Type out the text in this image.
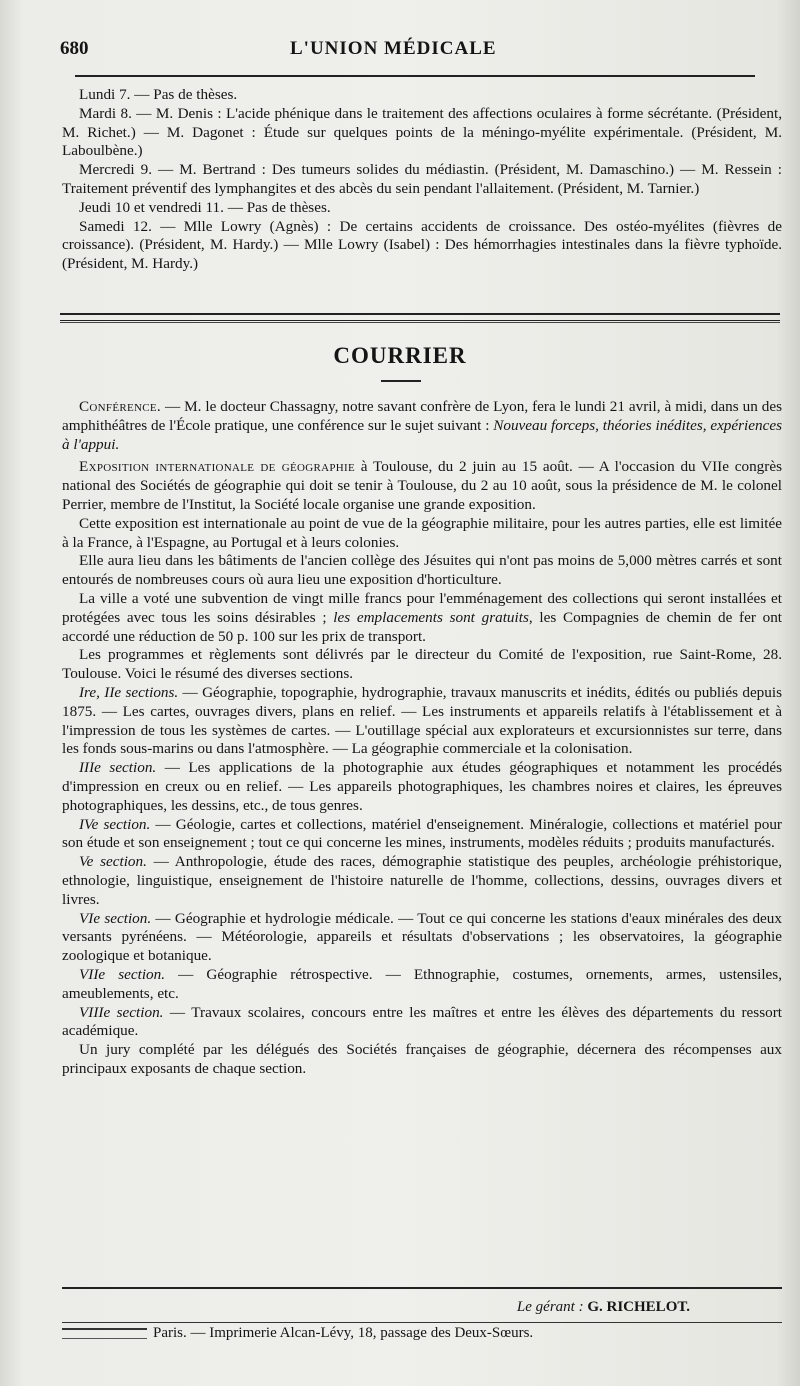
680	L'UNION MÉDICALE

Lundi 7. — Pas de thèses.

Mardi 8. — M. Denis : L'acide phénique dans le traitement des affections oculaires à forme sécrétante. (Président, M. Richet.) — M. Dagonet : Étude sur quelques points de la méningo-myélite expérimentale. (Président, M. Laboulbène.)

Mercredi 9. — M. Bertrand : Des tumeurs solides du médiastin. (Président, M. Damaschino.) — M. Ressein : Traitement préventif des lymphangites et des abcès du sein pendant l'allaitement. (Président, M. Tarnier.)

Jeudi 10 et vendredi 11. — Pas de thèses.

Samedi 12. — Mlle Lowry (Agnès) : De certains accidents de croissance. Des ostéo-myélites (fièvres de croissance). (Président, M. Hardy.) — Mlle Lowry (Isabel) : Des hémorrhagies intestinales dans la fièvre typhoïde. (Président, M. Hardy.)

COURRIER

Conférence. — M. le docteur Chassagny, notre savant confrère de Lyon, fera le lundi 21 avril, à midi, dans un des amphithéâtres de l'École pratique, une conférence sur le sujet suivant : Nouveau forceps, théories inédites, expériences à l'appui.

Exposition internationale de géographie à Toulouse, du 2 juin au 15 août. — A l'occasion du VIIe congrès national des Sociétés de géographie qui doit se tenir à Toulouse, du 2 au 10 août, sous la présidence de M. le colonel Perrier, membre de l'Institut, la Société locale organise une grande exposition.

Cette exposition est internationale au point de vue de la géographie militaire, pour les autres parties, elle est limitée à la France, à l'Espagne, au Portugal et à leurs colonies.

Elle aura lieu dans les bâtiments de l'ancien collège des Jésuites qui n'ont pas moins de 5,000 mètres carrés et sont entourés de nombreuses cours où aura lieu une exposition d'horticulture.

La ville a voté une subvention de vingt mille francs pour l'emménagement des collections qui seront installées et protégées avec tous les soins désirables ; les emplacements sont gratuits, les Compagnies de chemin de fer ont accordé une réduction de 50 p. 100 sur les prix de transport.

Les programmes et règlements sont délivrés par le directeur du Comité de l'exposition, rue Saint-Rome, 28. Toulouse. Voici le résumé des diverses sections.

Ire, IIe sections. — Géographie, topographie, hydrographie, travaux manuscrits et inédits, édités ou publiés depuis 1875. — Les cartes, ouvrages divers, plans en relief. — Les instruments et appareils relatifs à l'établissement et à l'impression de tous les systèmes de cartes. — L'outillage spécial aux explorateurs et excursionnistes sur terre, dans les fonds sous-marins ou dans l'atmosphère. — La géographie commerciale et la colonisation.

IIIe section. — Les applications de la photographie aux études géographiques et notamment les procédés d'impression en creux ou en relief. — Les appareils photographiques, les chambres noires et claires, les épreuves photographiques, les dessins, etc., de tous genres.

IVe section. — Géologie, cartes et collections, matériel d'enseignement. Minéralogie, collections et matériel pour son étude et son enseignement ; tout ce qui concerne les mines, instruments, modèles réduits ; produits manufacturés.

Ve section. — Anthropologie, étude des races, démographie statistique des peuples, archéologie préhistorique, ethnologie, linguistique, enseignement de l'histoire naturelle de l'homme, collections, dessins, ouvrages divers et livres.

VIe section. — Géographie et hydrologie médicale. — Tout ce qui concerne les stations d'eaux minérales des deux versants pyrénéens. — Météorologie, appareils et résultats d'observations ; les observatoires, la géographie zoologique et botanique.

VIIe section. — Géographie rétrospective. — Ethnographie, costumes, ornements, armes, ustensiles, ameublements, etc.

VIIIe section. — Travaux scolaires, concours entre les maîtres et entre les élèves des départements du ressort académique.

Un jury complété par les délégués des Sociétés françaises de géographie, décernera des récompenses aux principaux exposants de chaque section.

Le gérant : G. RICHELOT.
Paris. — Imprimerie Alcan-Lévy, 18, passage des Deux-Sœurs.
